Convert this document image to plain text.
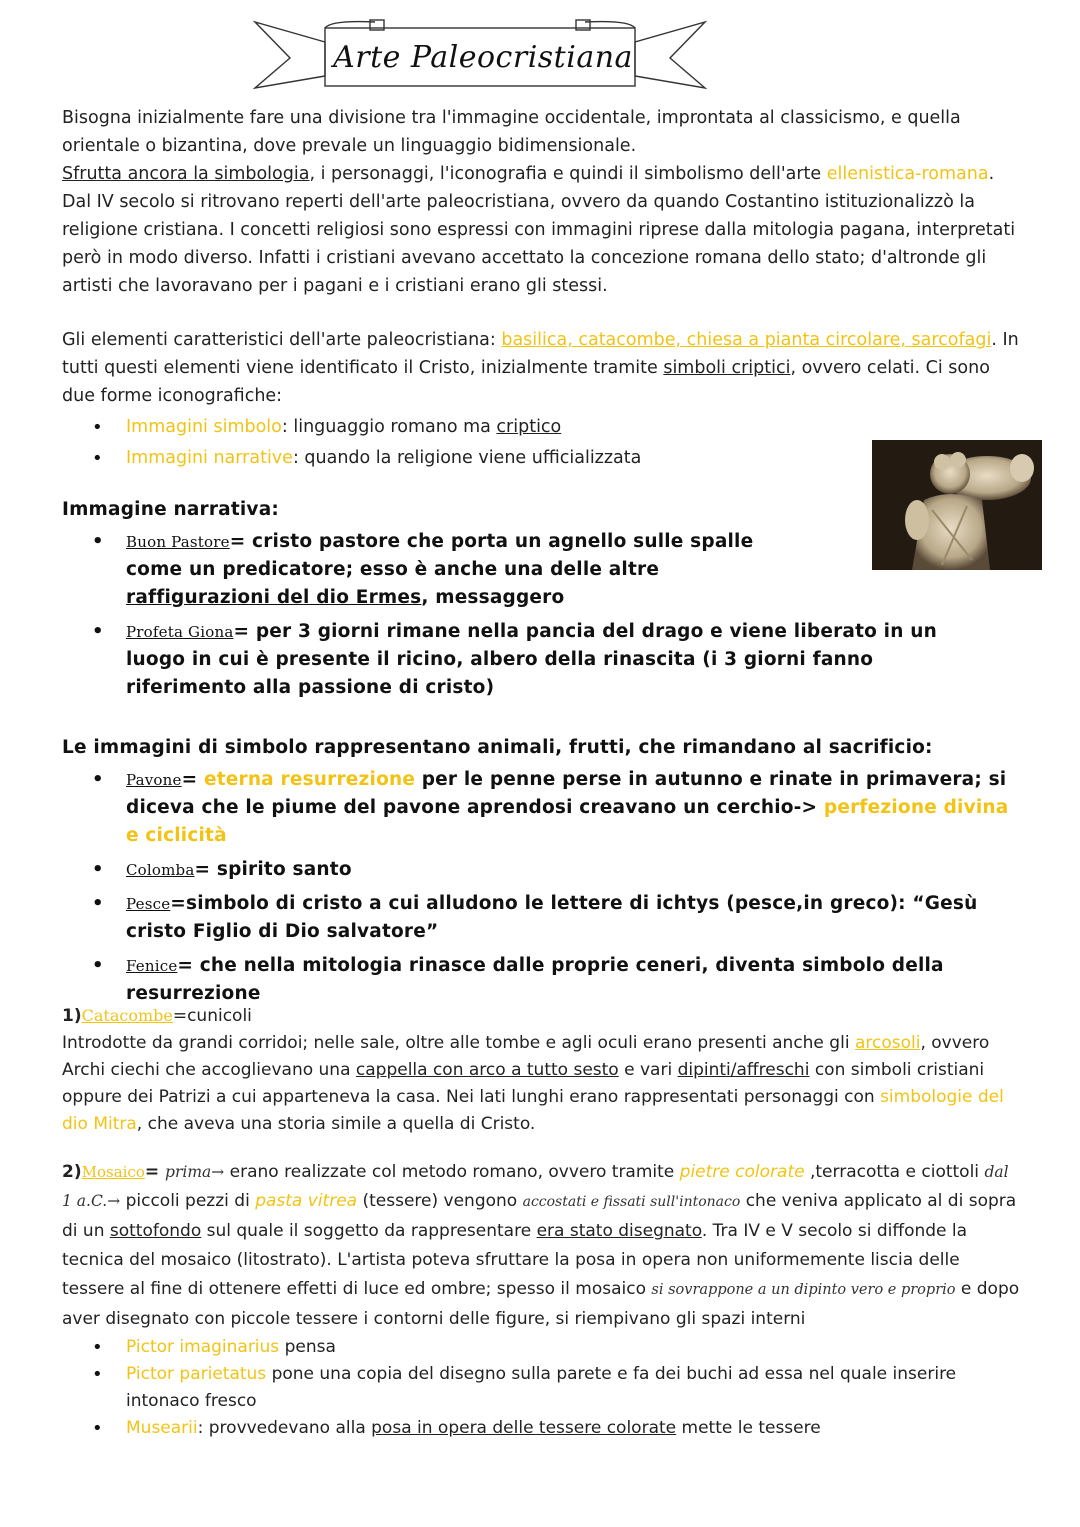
Arte Paleocristiana

Bisogna inizialmente fare una divisione tra l'immagine occidentale, improntata al classicismo, e quella orientale o bizantina, dove prevale un linguaggio bidimensionale.

Sfrutta ancora la simbologia, i personaggi, l'iconografia e quindi il simbolismo dell'arte ellenistica-romana. Dal IV secolo si ritrovano reperti dell'arte paleocristiana, ovvero da quando Costantino istituzionalizzò la religione cristiana. I concetti religiosi sono espressi con immagini riprese dalla mitologia pagana, interpretati però in modo diverso. Infatti i cristiani avevano accettato la concezione romana dello stato; d'altronde gli artisti che lavoravano per i pagani e i cristiani erano gli stessi.

Gli elementi caratteristici dell'arte paleocristiana: basilica, catacombe, chiesa a pianta circolare, sarcofagi. In tutti questi elementi viene identificato il Cristo, inizialmente tramite simboli criptici, ovvero celati. Ci sono due forme iconografiche:

• Immagini simbolo: linguaggio romano ma criptico
• Immagini narrative: quando la religione viene ufficializzata

Immagine narrativa:

• Buon Pastore= cristo pastore che porta un agnello sulle spalle come un predicatore; esso è anche una delle altre raffigurazioni del dio Ermes, messaggero
• Profeta Giona= per 3 giorni rimane nella pancia del drago e viene liberato in un luogo in cui è presente il ricino, albero della rinascita (i 3 giorni fanno riferimento alla passione di cristo)

Le immagini di simbolo rappresentano animali, frutti, che rimandano al sacrificio:

• Pavone= eterna resurrezione per le penne perse in autunno e rinate in primavera; si diceva che le piume del pavone aprendosi creavano un cerchio-> perfezione divina e ciclicità
• Colomba= spirito santo
• Pesce=simbolo di cristo a cui alludono le lettere di ichtys (pesce,in greco): “Gesù cristo Figlio di Dio salvatore”
• Fenice= che nella mitologia rinasce dalle proprie ceneri, diventa simbolo della resurrezione

1)Catacombe=cunicoli

Introdotte da grandi corridoi; nelle sale, oltre alle tombe e agli oculi erano presenti anche gli arcosoli, ovvero Archi ciechi che accoglievano una cappella con arco a tutto sesto e vari dipinti/affreschi con simboli cristiani oppure dei Patrizi a cui apparteneva la casa. Nei lati lunghi erano rappresentati personaggi con simbologie del dio Mitra, che aveva una storia simile a quella di Cristo.

2)Mosaico= prima→ erano realizzate col metodo romano, ovvero tramite pietre colorate ,terracotta e ciottoli dal 1 a.C.→ piccoli pezzi di pasta vitrea (tessere) vengono accostati e fissati sull'intonaco che veniva applicato al di sopra di un sottofondo sul quale il soggetto da rappresentare era stato disegnato. Tra IV e V secolo si diffonde la tecnica del mosaico (litostrato). L'artista poteva sfruttare la posa in opera non uniformemente liscia delle tessere al fine di ottenere effetti di luce ed ombre; spesso il mosaico si sovrappone a un dipinto vero e proprio e dopo aver disegnato con piccole tessere i contorni delle figure, si riempivano gli spazi interni

• Pictor imaginarius pensa
• Pictor parietatus pone una copia del disegno sulla parete e fa dei buchi ad essa nel quale inserire intonaco fresco
• Musearii: provvedevano alla posa in opera delle tessere colorate mette le tessere
